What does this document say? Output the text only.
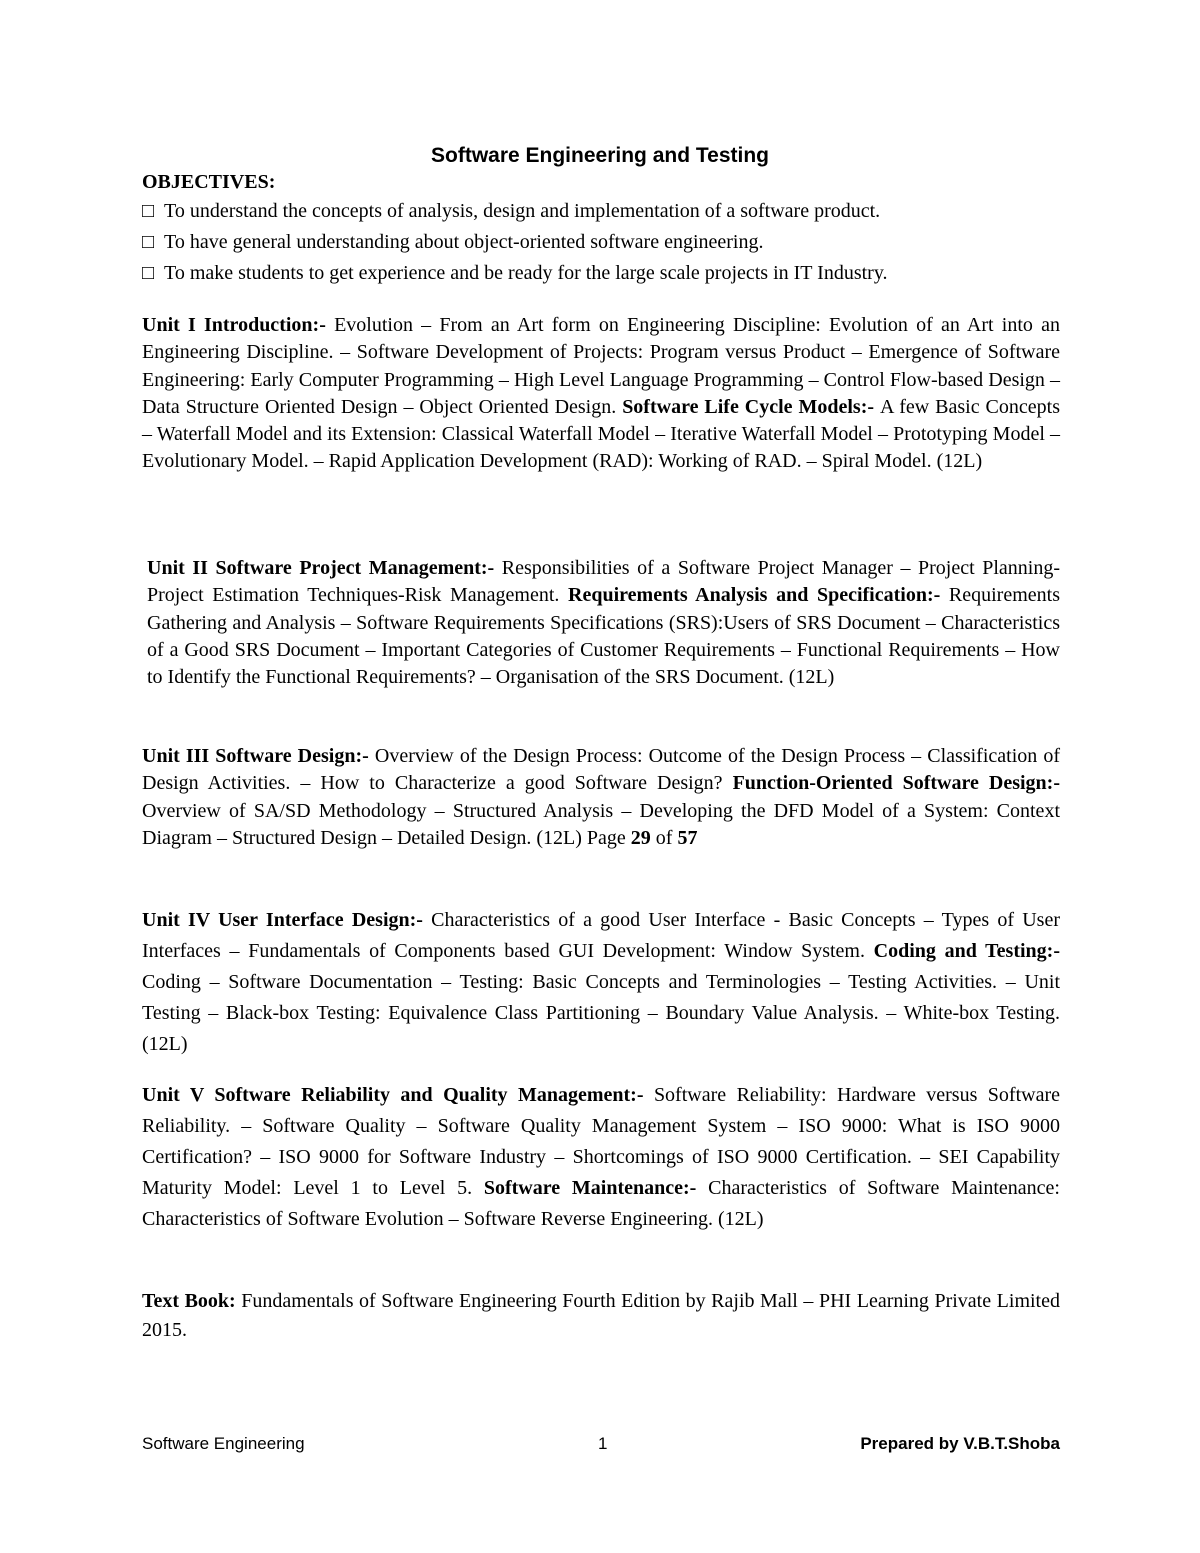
Software Engineering and Testing
OBJECTIVES:
□ To understand the concepts of analysis, design and implementation of a software product.
□ To have general understanding about object-oriented software engineering.
□ To make students to get experience and be ready for the large scale projects in IT Industry.

Unit I Introduction:- Evolution – From an Art form on Engineering Discipline: Evolution of an Art into an Engineering Discipline. – Software Development of Projects: Program versus Product – Emergence of Software Engineering: Early Computer Programming – High Level Language Programming – Control Flow-based Design – Data Structure Oriented Design – Object Oriented Design. Software Life Cycle Models:- A few Basic Concepts – Waterfall Model and its Extension: Classical Waterfall Model – Iterative Waterfall Model – Prototyping Model – Evolutionary Model. – Rapid Application Development (RAD): Working of RAD. – Spiral Model. (12L)

Unit II Software Project Management:- Responsibilities of a Software Project Manager – Project Planning- Project Estimation Techniques-Risk Management. Requirements Analysis and Specification:- Requirements Gathering and Analysis – Software Requirements Specifications (SRS):Users of SRS Document – Characteristics of a Good SRS Document – Important Categories of Customer Requirements – Functional Requirements – How to Identify the Functional Requirements? – Organisation of the SRS Document. (12L)

Unit III Software Design:- Overview of the Design Process: Outcome of the Design Process – Classification of Design Activities. – How to Characterize a good Software Design? Function-Oriented Software Design:- Overview of SA/SD Methodology – Structured Analysis – Developing the DFD Model of a System: Context Diagram – Structured Design – Detailed Design. (12L) Page 29 of 57

Unit IV User Interface Design:- Characteristics of a good User Interface - Basic Concepts – Types of User Interfaces – Fundamentals of Components based GUI Development: Window System. Coding and Testing:- Coding – Software Documentation – Testing: Basic Concepts and Terminologies – Testing Activities. – Unit Testing – Black-box Testing: Equivalence Class Partitioning – Boundary Value Analysis. – White-box Testing. (12L)

Unit V Software Reliability and Quality Management:- Software Reliability: Hardware versus Software Reliability. – Software Quality – Software Quality Management System – ISO 9000: What is ISO 9000 Certification? – ISO 9000 for Software Industry – Shortcomings of ISO 9000 Certification. – SEI Capability Maturity Model: Level 1 to Level 5. Software Maintenance:- Characteristics of Software Maintenance: Characteristics of Software Evolution – Software Reverse Engineering. (12L)

Text Book: Fundamentals of Software Engineering Fourth Edition by Rajib Mall – PHI Learning Private Limited 2015.

Software Engineering	1	Prepared by V.B.T.Shoba
